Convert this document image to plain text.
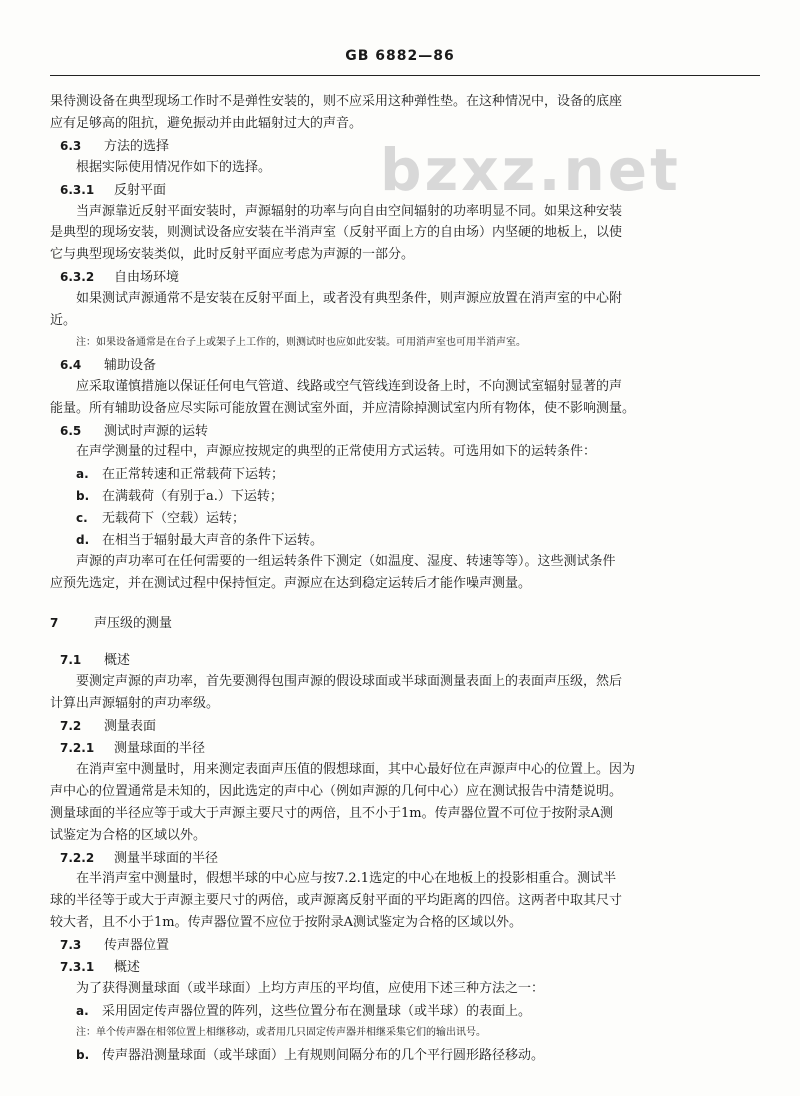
GB 6882—86
bzxz.net
果待测设备在典型现场工作时不是弹性安装的，则不应采用这种弹性垫。在这种情况中，设备的底座
应有足够高的阻抗，避免振动并由此辐射过大的声音。
6.3 方法的选择
根据实际使用情况作如下的选择。
6.3.1 反射平面
当声源靠近反射平面安装时，声源辐射的功率与向自由空间辐射的功率明显不同。如果这种安装
是典型的现场安装，则测试设备应安装在半消声室（反射平面上方的自由场）内坚硬的地板上，以使
它与典型现场安装类似，此时反射平面应考虑为声源的一部分。
6.3.2 自由场环境
如果测试声源通常不是安装在反射平面上，或者没有典型条件，则声源应放置在消声室的中心附
近。
注：如果设备通常是在台子上或架子上工作的，则测试时也应如此安装。可用消声室也可用半消声室。
6.4 辅助设备
应采取谨慎措施以保证任何电气管道、线路或空气管线连到设备上时，不向测试室辐射显著的声
能量。所有辅助设备应尽实际可能放置在测试室外面，并应清除掉测试室内所有物体，使不影响测量。
6.5 测试时声源的运转
在声学测量的过程中，声源应按规定的典型的正常使用方式运转。可选用如下的运转条件：
a. 在正常转速和正常载荷下运转；
b. 在满载荷（有别于a.）下运转；
c. 无载荷下（空载）运转；
d. 在相当于辐射最大声音的条件下运转。
声源的声功率可在任何需要的一组运转条件下测定（如温度、湿度、转速等等）。这些测试条件
应预先选定，并在测试过程中保持恒定。声源应在达到稳定运转后才能作噪声测量。
7	声压级的测量
7.1 概述
要测定声源的声功率，首先要测得包围声源的假设球面或半球面测量表面上的表面声压级，然后
计算出声源辐射的声功率级。
7.2 测量表面
7.2.1 测量球面的半径
在消声室中测量时，用来测定表面声压值的假想球面，其中心最好位在声源声中心的位置上。因为
声中心的位置通常是未知的，因此选定的声中心（例如声源的几何中心）应在测试报告中清楚说明。
测量球面的半径应等于或大于声源主要尺寸的两倍，且不小于1m。传声器位置不可位于按附录A测
试鉴定为合格的区域以外。
7.2.2 测量半球面的半径
在半消声室中测量时，假想半球的中心应与按7.2.1选定的中心在地板上的投影相重合。测试半
球的半径等于或大于声源主要尺寸的两倍，或声源离反射平面的平均距离的四倍。这两者中取其尺寸
较大者，且不小于1m。传声器位置不应位于按附录A测试鉴定为合格的区域以外。
7.3 传声器位置
7.3.1 概述
为了获得测量球面（或半球面）上均方声压的平均值，应使用下述三种方法之一：
a. 采用固定传声器位置的阵列，这些位置分布在测量球（或半球）的表面上。
注：单个传声器在相邻位置上相继移动，或者用几只固定传声器并相继采集它们的输出讯号。
b. 传声器沿测量球面（或半球面）上有规则间隔分布的几个平行圆形路径移动。
